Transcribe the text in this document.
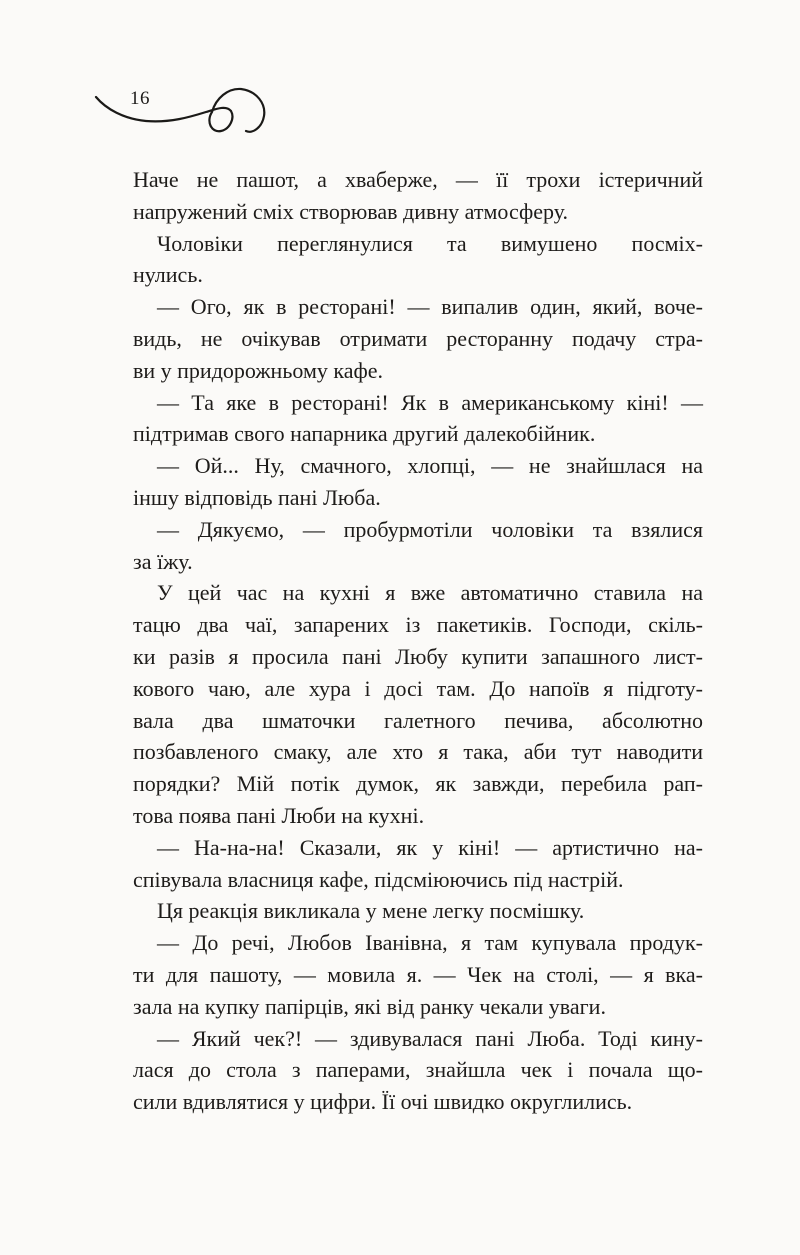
16
Наче не пашот, а хваберже, — її трохи істеричний
напружений сміх створював дивну атмосферу.
Чоловіки переглянулися та вимушено посміх-
нулись.
— Ого, як в ресторані! — випалив один, який, воче-
видь, не очікував отримати ресторанну подачу стра-
ви у придорожньому кафе.
— Та яке в ресторані! Як в американському кіні! —
підтримав свого напарника другий далекобійник.
— Ой... Ну, смачного, хлопці, — не знайшлася на
іншу відповідь пані Люба.
— Дякуємо, — пробурмотіли чоловіки та взялися
за їжу.
У цей час на кухні я вже автоматично ставила на
тацю два чаї, запарених із пакетиків. Господи, скіль-
ки разів я просила пані Любу купити запашного лист-
кового чаю, але хура і досі там. До напоїв я підготу-
вала два шматочки галетного печива, абсолютно
позбавленого смаку, але хто я така, аби тут наводити
порядки? Мій потік думок, як завжди, перебила рап-
това поява пані Люби на кухні.
— На-на-на! Сказали, як у кіні! — артистично на-
співувала власниця кафе, підсміюючись під настрій.
Ця реакція викликала у мене легку посмішку.
— До речі, Любов Іванівна, я там купувала продук-
ти для пашоту, — мовила я. — Чек на столі, — я вка-
зала на купку папірців, які від ранку чекали уваги.
— Який чек?! — здивувалася пані Люба. Тоді кину-
лася до стола з паперами, знайшла чек і почала що-
сили вдивлятися у цифри. Її очі швидко округлились.
